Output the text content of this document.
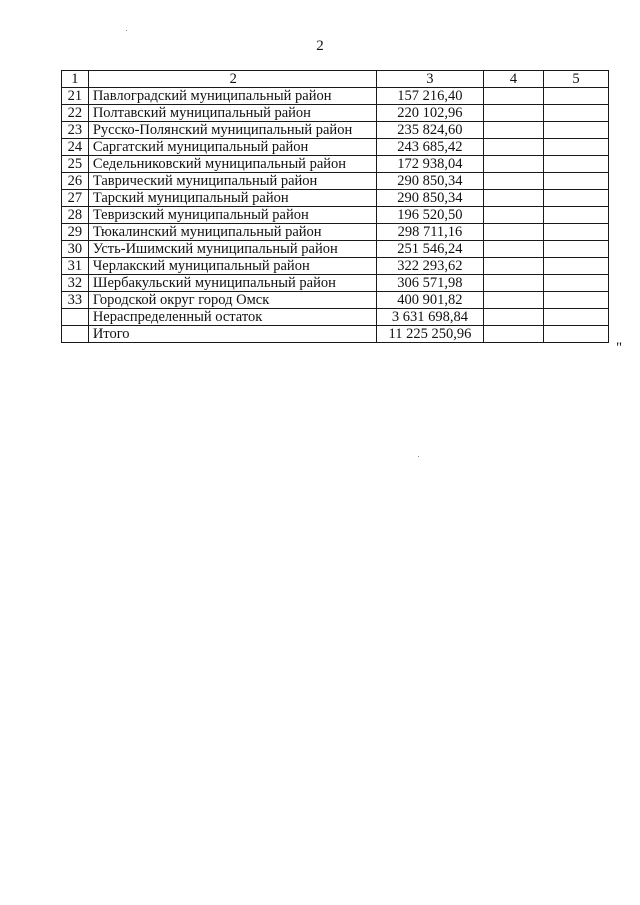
2
1	2	3	4	5
21	Павлоградский муниципальный район	157 216,40		
22	Полтавский муниципальный район	220 102,96		
23	Русско-Полянский муниципальный район	235 824,60		
24	Саргатский муниципальный район	243 685,42		
25	Седельниковский муниципальный район	172 938,04		
26	Таврический муниципальный район	290 850,34		
27	Тарский муниципальный район	290 850,34		
28	Тевризский муниципальный район	196 520,50		
29	Тюкалинский муниципальный район	298 711,16		
30	Усть-Ишимский муниципальный район	251 546,24		
31	Черлакский муниципальный район	322 293,62		
32	Шербакульский муниципальный район	306 571,98		
33	Городской округ город Омск	400 901,82		
	Нераспределенный остаток	3 631 698,84		
	Итого	11 225 250,96		
"
